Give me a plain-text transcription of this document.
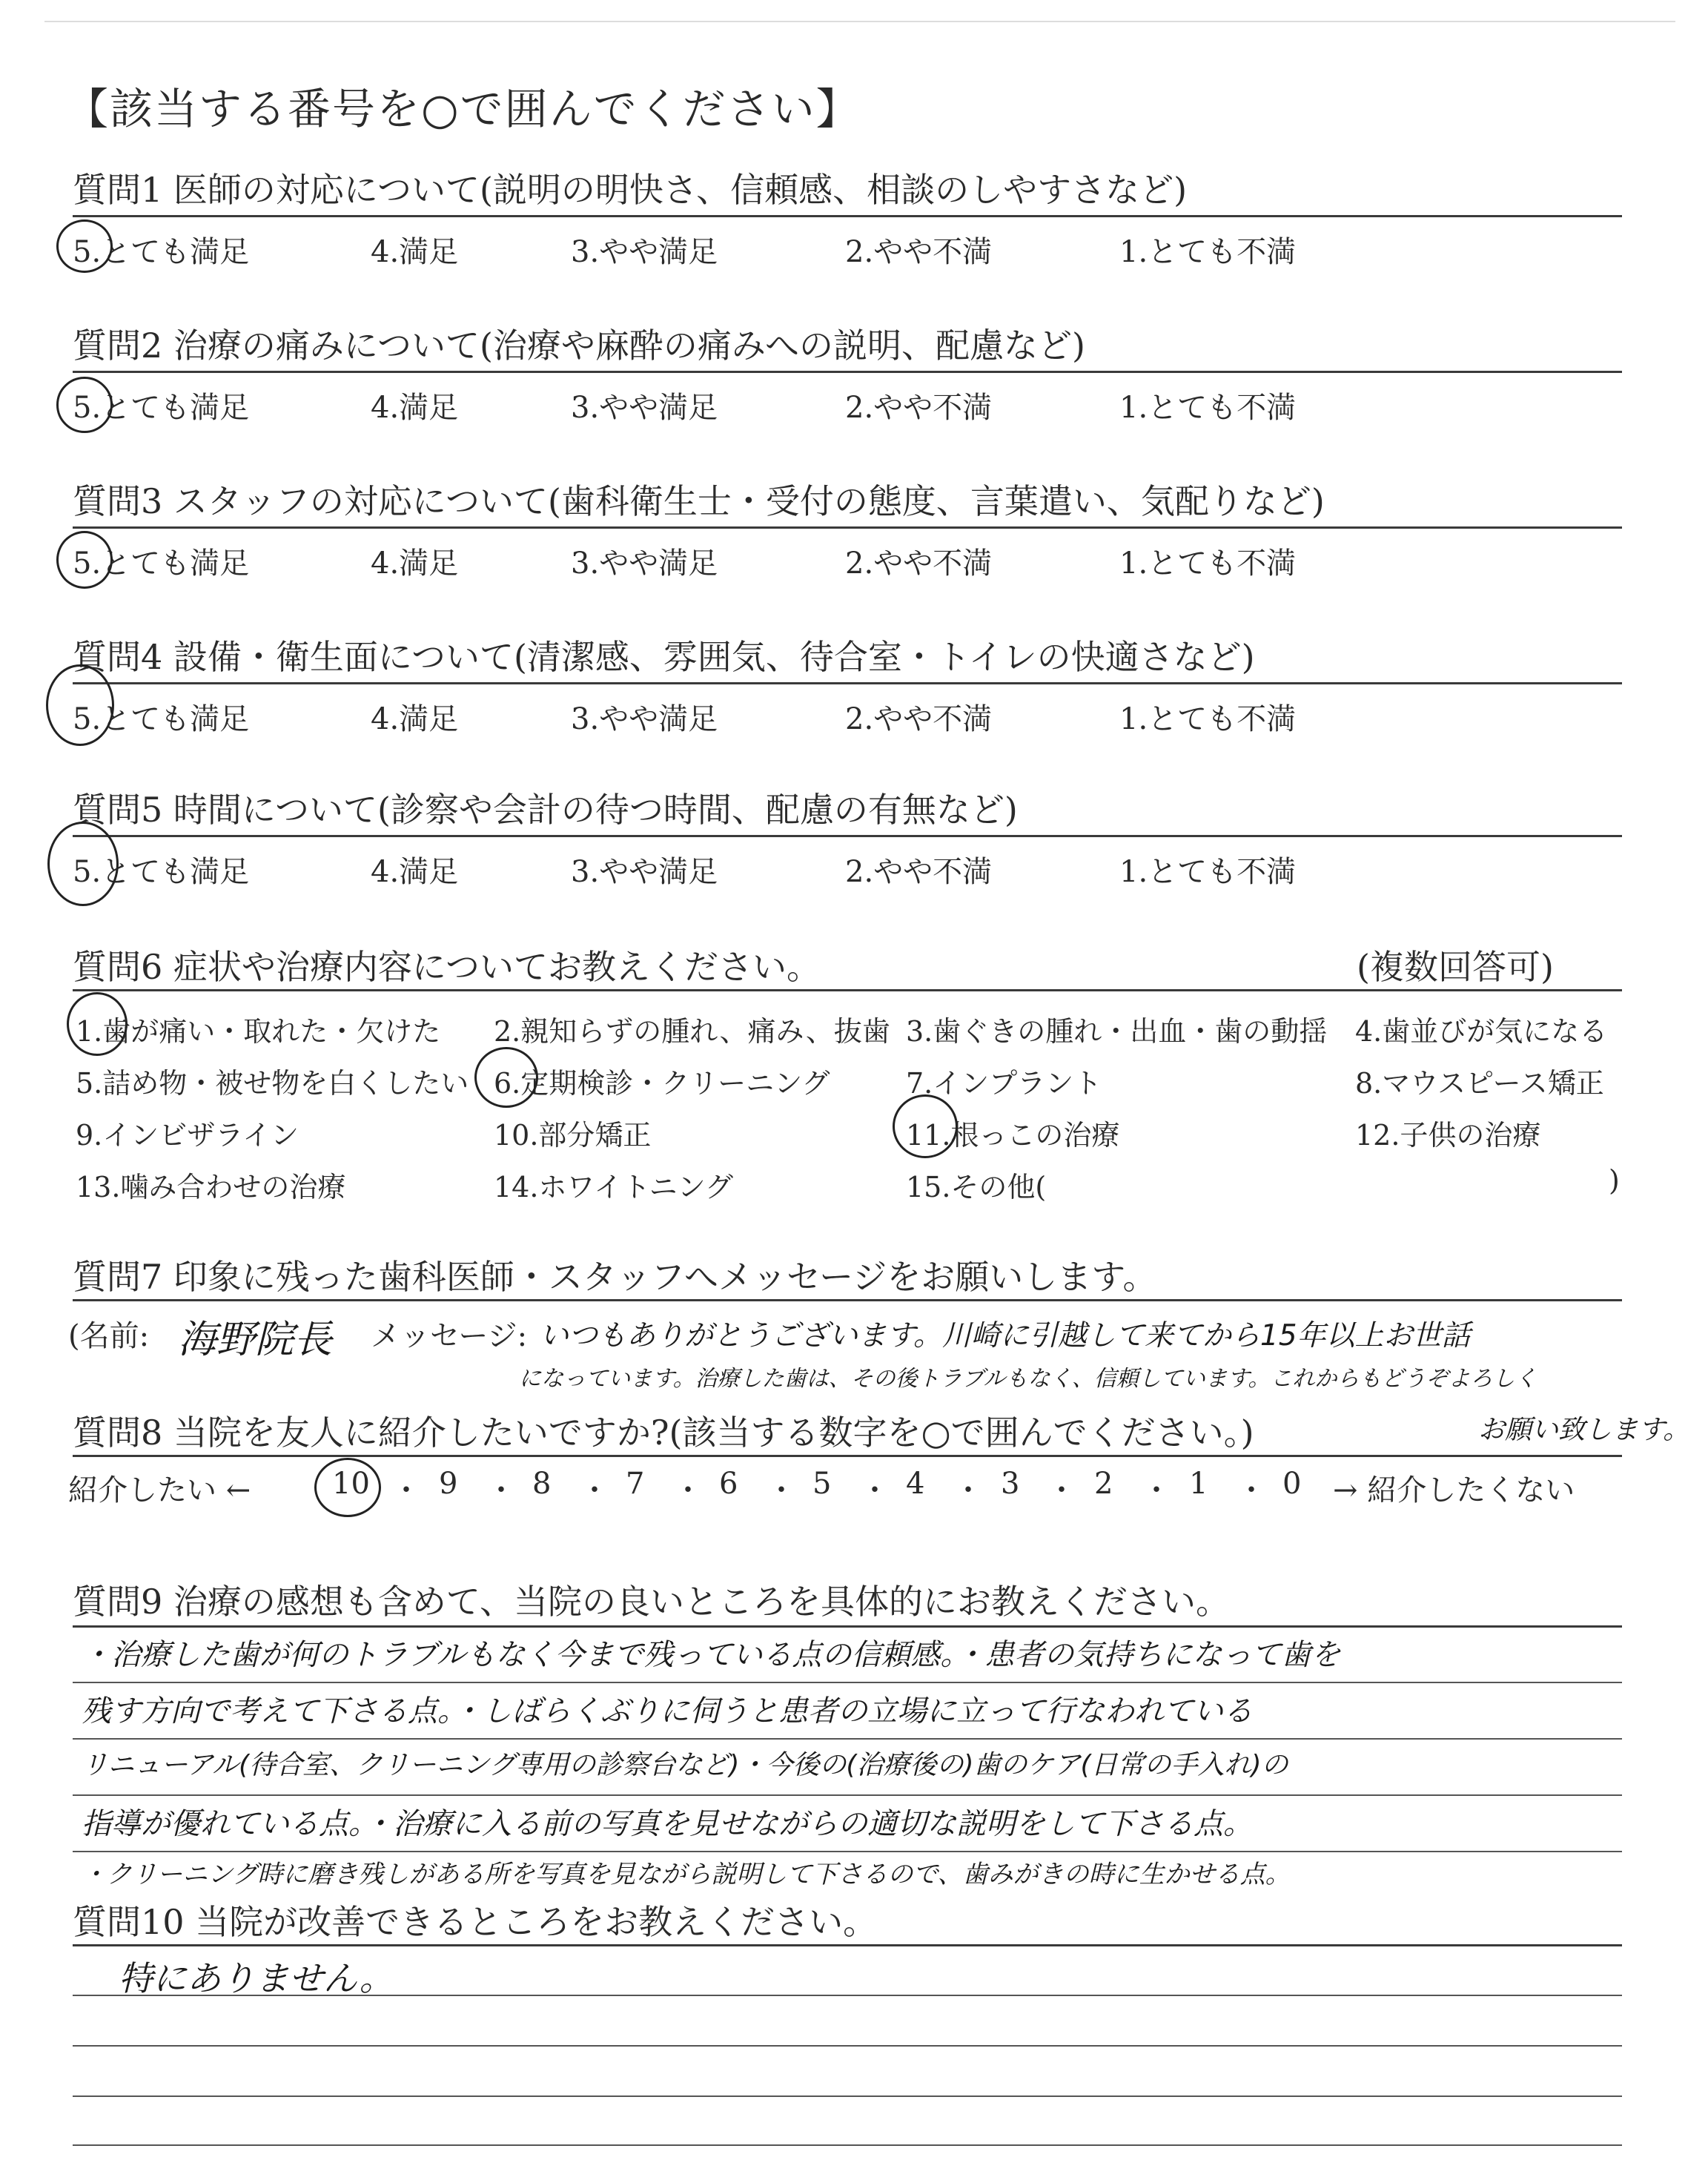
【該当する番号を○で囲んでください】
質問1 医師の対応について(説明の明快さ、信頼感、相談のしやすさなど)
5.とても満足	4.満足	3.やや満足	2.やや不満	1.とても不満
質問2 治療の痛みについて(治療や麻酔の痛みへの説明、配慮など)
5.とても満足	4.満足	3.やや満足	2.やや不満	1.とても不満
質問3 スタッフの対応について(歯科衛生士・受付の態度、言葉遣い、気配りなど)
5.とても満足	4.満足	3.やや満足	2.やや不満	1.とても不満
質問4 設備・衛生面について(清潔感、雰囲気、待合室・トイレの快適さなど)
5.とても満足	4.満足	3.やや満足	2.やや不満	1.とても不満
質問5 時間について(診察や会計の待つ時間、配慮の有無など)
5.とても満足	4.満足	3.やや満足	2.やや不満	1.とても不満
質問6 症状や治療内容についてお教えください。	(複数回答可)
1.歯が痛い・取れた・欠けた 2.親知らずの腫れ、痛み、抜歯 3.歯ぐきの腫れ・出血・歯の動揺 4.歯並びが気になる
5.詰め物・被せ物を白くしたい 6.定期検診・クリーニング	7.インプラント	8.マウスピース矯正
9.インビザライン	10.部分矯正	11.根っこの治療	12.子供の治療
13.噛み合わせの治療	14.ホワイトニング	15.その他(	)
質問7 印象に残った歯科医師・スタッフへメッセージをお願いします。
(名前: 海野院長 メッセージ: いつもありがとうございます。川崎に引越して来てから15年以上お世話
になっています。治療した歯は、その後トラブルもなく、信頼しています。これからもどうぞよろしく
お願い致します。
質問8 当院を友人に紹介したいですか?(該当する数字を○で囲んでください。)
紹介したい ←	10 ・ 9 ・ 8 ・ 7 ・ 6 ・ 5 ・ 4 ・ 3 ・ 2 ・ 1 ・ 0 → 紹介したくない
質問9 治療の感想も含めて、当院の良いところを具体的にお教えください。
・治療した歯が何のトラブルもなく今まで残っている点の信頼感。・患者の気持ちになって歯を
残す方向で考えて下さる点。・しばらくぶりに伺うと患者の立場に立って行なわれている
リニューアル(待合室、クリーニング専用の診察台など)・今後の(治療後の)歯のケア(日常の手入れ)の
指導が優れている点。・治療に入る前の写真を見せながらの適切な説明をして下さる点。
・クリーニング時に磨き残しがある所を写真を見ながら説明して下さるので、歯みがきの時に生かせる点。
質問10 当院が改善できるところをお教えください。
特にありません。
